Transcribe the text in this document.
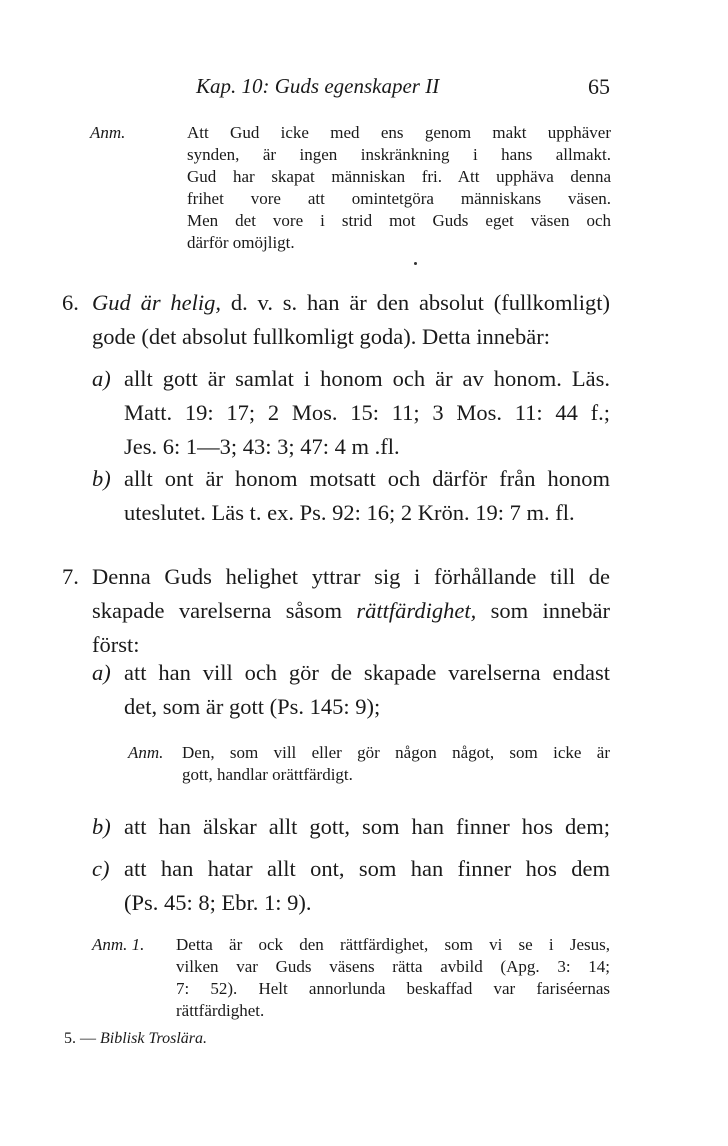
Kap. 10: Guds egenskaper II	65
Anm.	Att Gud icke med ens genom makt upphäver
synden, är ingen inskränkning i hans allmakt.
Gud har skapat människan fri. Att upphäva denna
frihet vore att omintetgöra människans väsen.
Men det vore i strid mot Guds eget väsen och
därför omöjligt.
6. Gud är helig, d. v. s. han är den absolut (fullkomligt)
gode (det absolut fullkomligt goda). Detta innebär:
a) allt gott är samlat i honom och är av honom. Läs.
Matt. 19: 17; 2 Mos. 15: 11; 3 Mos. 11: 44 f.;
Jes. 6: 1—3; 43: 3; 47: 4 m .fl.
b) allt ont är honom motsatt och därför från honom
uteslutet. Läs t. ex. Ps. 92: 16; 2 Krön. 19: 7 m. fl.
7. Denna Guds helighet yttrar sig i förhållande till de
skapade varelserna såsom rättfärdighet, som innebär
först:
a) att han vill och gör de skapade varelserna endast
det, som är gott (Ps. 145: 9);
Anm. Den, som vill eller gör någon något, som icke är
gott, handlar orättfärdigt.
b) att han älskar allt gott, som han finner hos dem;
c) att han hatar allt ont, som han finner hos dem
(Ps. 45: 8; Ebr. 1: 9).
Anm. 1. Detta är ock den rättfärdighet, som vi se i Jesus,
vilken var Guds väsens rätta avbild (Apg. 3: 14;
7: 52). Helt annorlunda beskaffad var fariséernas
rättfärdighet.
5. — Biblisk Troslära.
